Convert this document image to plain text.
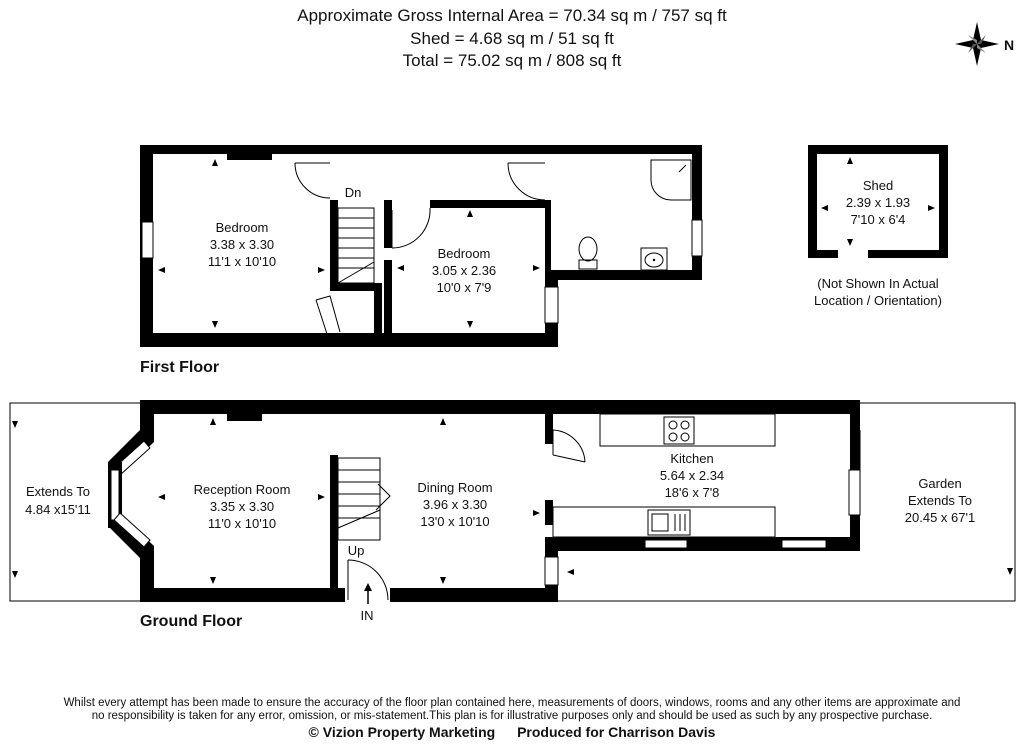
Approximate Gross Internal Area = 70.34 sq m / 757 sq ft
Shed = 4.68 sq m / 51 sq ft
Total = 75.02 sq m / 808 sq ft
N
Dn
Bedroom
3.38 x 3.30
11'1 x 10'10
Bedroom
3.05 x 2.36
10'0 x 7'9
First Floor
Shed
2.39 x 1.93
7'10 x 6'4
(Not Shown In Actual
Location / Orientation)
Extends To
4.84 x15'11
Reception Room
3.35 x 3.30
11'0 x 10'10
Dining Room
3.96 x 3.30
13'0 x 10'10
Kitchen
5.64 x 2.34
18'6 x 7'8
Garden
Extends To
20.45 x 67'1
Up
IN
Ground Floor
Whilst every attempt has been made to ensure the accuracy of the floor plan contained here, measurements of doors, windows, rooms and any other items are approximate and
no responsibility is taken for any error, omission, or mis-statement.This plan is for illustrative purposes only and should be used as such by any prospective purchase.
© Vizion Property Marketing Produced for Charrison Davis
